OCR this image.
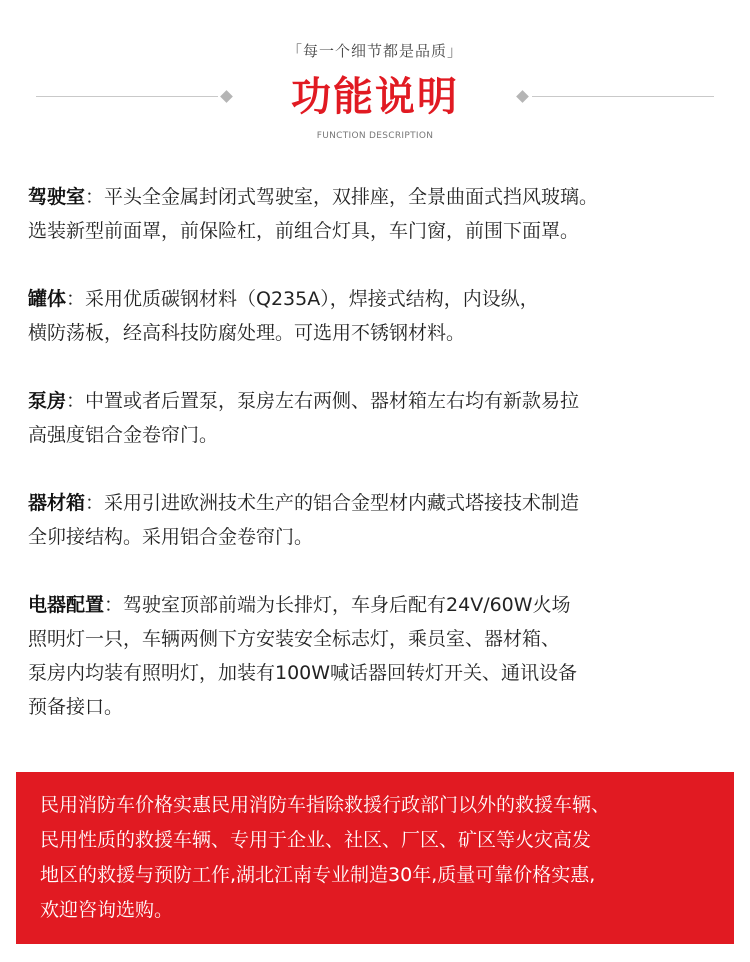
「每一个细节都是品质」
功能说明
FUNCTION DESCRIPTION
驾驶室：平头全金属封闭式驾驶室，双排座，全景曲面式挡风玻璃。
选装新型前面罩，前保险杠，前组合灯具，车门窗，前围下面罩。
罐体：采用优质碳钢材料（Q235A），焊接式结构，内设纵，
横防荡板，经高科技防腐处理。可选用不锈钢材料。
泵房：中置或者后置泵，泵房左右两侧、器材箱左右均有新款易拉
高强度铝合金卷帘门。
器材箱：采用引进欧洲技术生产的铝合金型材内藏式塔接技术制造
全卯接结构。采用铝合金卷帘门。
电器配置：驾驶室顶部前端为长排灯，车身后配有24V/60W火场
照明灯一只，车辆两侧下方安装安全标志灯，乘员室、器材箱、
泵房内均装有照明灯，加装有100W喊话器回转灯开关、通讯设备
预备接口。
民用消防车价格实惠民用消防车指除救援行政部门以外的救援车辆、
民用性质的救援车辆、专用于企业、社区、厂区、矿区等火灾高发
地区的救援与预防工作,湖北江南专业制造30年,质量可靠价格实惠,
欢迎咨询选购。
